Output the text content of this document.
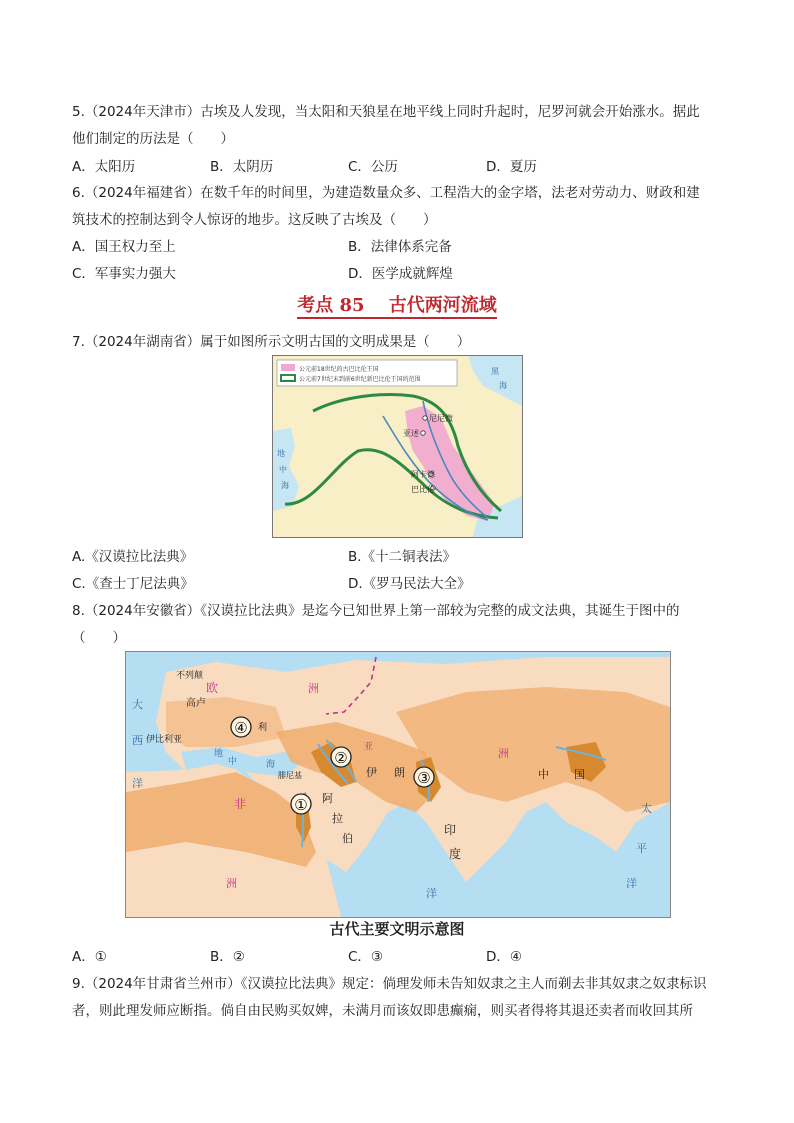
5.（2024年天津市）古埃及人发现，当太阳和天狼星在地平线上同时升起时，尼罗河就会开始涨水。据此
他们制定的历法是（　　）
A．太阳历	B．太阴历	C．公历	D．夏历
6.（2024年福建省）在数千年的时间里，为建造数量众多、工程浩大的金字塔，法老对劳动力、财政和建
筑技术的控制达到令人惊讶的地步。这反映了古埃及（　　）
A．国王权力至上	B．法律体系完备
C．军事实力强大	D．医学成就辉煌
考点 85　 古代两河流域
7.（2024年湖南省）属于如图所示文明古国的文明成果是（　　）
公元前18世纪的古巴比伦王国
公元前7世纪末到前6世纪新巴比伦王国的范围
尼尼微
亚述
阿卡德
巴比伦
地
中
海
黑
海
A.《汉谟拉比法典》	B.《十二铜表法》
C.《查士丁尼法典》	D.《罗马民法大全》
8.（2024年安徽省）《汉谟拉比法典》是迄今已知世界上第一部较为完整的成文法典，其诞生于图中的
（　　）
①
②
③
④
不列颠
欧	洲
高卢
伊比利亚
利
大
西
洋
地
中	海
腓尼基
亚
伊 朗
阿
拉
伯
非
洲
印
度
洲
中 国
太
平
洋
洋
古代主要文明示意图
A．①	B．②	C．③	D．④
9.（2024年甘肃省兰州市）《汉谟拉比法典》规定：倘理发师未告知奴隶之主人而剃去非其奴隶之奴隶标识
者，则此理发师应断指。倘自由民购买奴婢，未满月而该奴即患癫痫，则买者得将其退还卖者而收回其所
